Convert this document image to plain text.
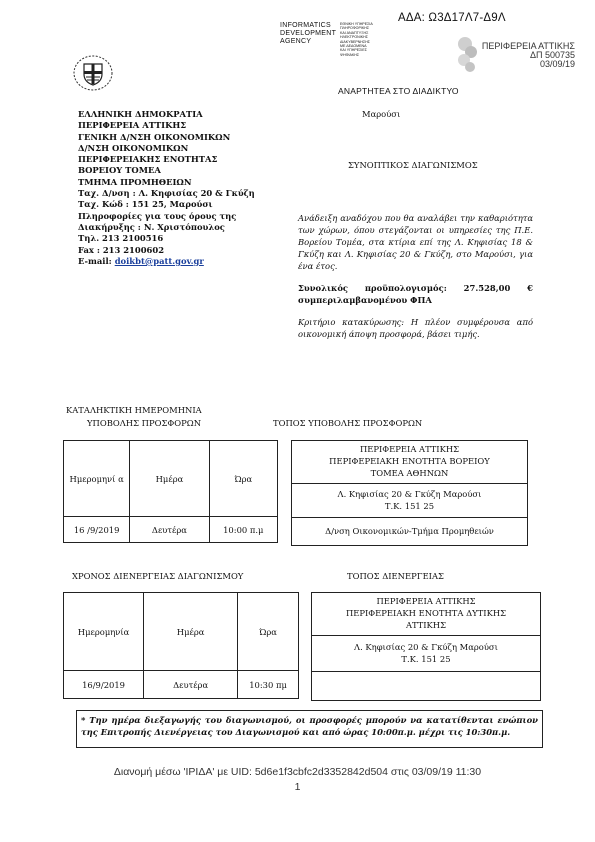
ΑΔΑ: Ω3Δ17Λ7-Δ9Λ
INFORMATICS
DEVELOPMENT
AGENCY
ΕΘΝΙΚΗ ΥΠΗΡΕΣΙΑ
ΠΛΗΡΟΦΟΡΙΚΗΣ
ΚΑΙ ΑΝΑΠΤΥΞΗΣ
ΗΛΕΚΤΡΟΝΙΚΗΣ
ΔΙΑΚΥΒΕΡΝΗΣΗΣ
ΜΕ ΔΕΔΟΜΕΝΑ
ΚΑΙ ΥΠΗΡΕΣΙΕΣ
ΨΗΦΙΑΚΗΣ
ΠΕΡΙΦΕΡΕΙΑ ΑΤΤΙΚΗΣ
ΔΠ 500735
03/09/19
ΑΝΑΡΤΗΤΕΑ ΣΤΟ ΔΙΑΔΙΚΤΥΟ
ΕΛΛΗΝΙΚΗ ΔΗΜΟΚΡΑΤΙΑ
ΠΕΡΙΦΕΡΕΙΑ ΑΤΤΙΚΗΣ
ΓΕΝΙΚΗ Δ/ΝΣΗ ΟΙΚΟΝΟΜΙΚΩΝ
Δ/ΝΣΗ ΟΙΚΟΝΟΜΙΚΩΝ
ΠΕΡΙΦΕΡΕΙΑΚΗΣ ΕΝΟΤΗΤΑΣ
ΒΟΡΕΙΟΥ ΤΟΜΕΑ
ΤΜΗΜΑ ΠΡΟΜΗΘΕΙΩΝ
Ταχ. Δ/νση : Λ. Κηφισίας 20 & Γκύζη
Ταχ. Κώδ : 151 25, Μαρούσι
Πληροφορίες για τους όρους της
Διακήρυξης : Ν. Χριστόπουλος
Τηλ. 213 2100516
Fax : 213 2100602
E-mail: doikbt@patt.gov.gr
Μαρούσι
ΣΥΝΟΠΤΙΚΟΣ ΔΙΑΓΩΝΙΣΜΟΣ

Ανάδειξη αναδόχου που θα αναλάβει την καθαριότητα των χώρων, όπου στεγάζονται οι υπηρεσίες της Π.Ε. Βορείου Τομέα, στα κτίρια επί της Λ. Κηφισίας 18 & Γκύζη και Λ. Κηφισίας 20 & Γκύζη, στο Μαρούσι, για ένα έτος.

Συνολικός προϋπολογισμός: 27.528,00 € συμπεριλαμβανομένου ΦΠΑ

Κριτήριο κατακύρωσης: Η πλέον συμφέρουσα από οικονομική άποψη προσφορά, βάσει τιμής.

ΚΑΤΑΛΗΚΤΙΚΗ ΗΜΕΡΟΜΗΝΙΑ
ΥΠΟΒΟΛΗΣ ΠΡΟΣΦΟΡΩΝ	ΤΟΠΟΣ ΥΠΟΒΟΛΗΣ ΠΡΟΣΦΟΡΩΝ
Ημερομηνί α	Ημέρα	Ώρα
16 /9/2019	Δευτέρα	10:00 π.μ
ΠΕΡΙΦΕΡΕΙΑ ΑΤΤΙΚΗΣ
ΠΕΡΙΦΕΡΕΙΑΚΗ ΕΝΟΤΗΤΑ ΒΟΡΕΙΟΥ
ΤΟΜΕΑ ΑΘΗΝΩΝ
Λ. Κηφισίας 20 & Γκύζη Μαρούσι
Τ.Κ. 151 25
Δ/νση Οικονομικών-Τμήμα Προμηθειών
ΧΡΟΝΟΣ ΔΙΕΝΕΡΓΕΙΑΣ ΔΙΑΓΩΝΙΣΜΟΥ	ΤΟΠΟΣ ΔΙΕΝΕΡΓΕΙΑΣ
Ημερομηνία	Ημέρα	Ώρα
16/9/2019	Δευτέρα	10:30 πμ
ΠΕΡΙΦΕΡΕΙΑ ΑΤΤΙΚΗΣ
ΠΕΡΙΦΕΡΕΙΑΚΗ ΕΝΟΤΗΤΑ ΔΥΤΙΚΗΣ
ΑΤΤΙΚΗΣ
Λ. Κηφισίας 20 & Γκύζη Μαρούσι
Τ.Κ. 151 25
* Την ημέρα διεξαγωγής του διαγωνισμού, οι προσφορές μπορούν να κατατίθενται ενώπιον της Επιτροπής Διενέργειας του Διαγωνισμού και από ώρας 10:00π.μ. μέχρι τις 10:30π.μ.
Διανομή μέσω 'ΙΡΙΔΑ' με UID: 5d6e1f3cbfc2d3352842d504 στις 03/09/19 11:30
1
